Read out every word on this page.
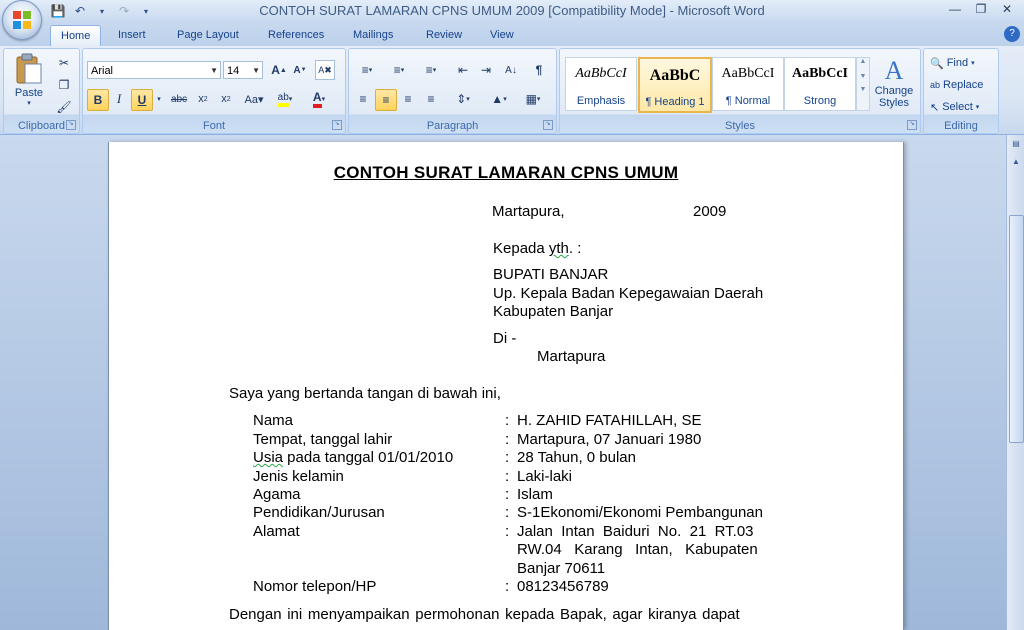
💾 ↶	▾	↷	▾	CONTOH SURAT LAMARAN CPNS UMUM 2009 [Compatibility Mode] - Microsoft Word	—	❐	✕
Home	Insert	Page Layout	References	Mailings	Review	View	?
Paste
▾
✂
❐
🖌
Clipboard ↘
Arial	▼ 14 ▼ A ▲ A ▼	A✖
B	I	U	▾	abc	x 2	x 2	Aa▾	ab ▾ A ▾
Font	↘
≡ ▾	≡ ▾	≡ ▾	⇤	⇥	A↓	¶
≡	≡	≡	≡	⇕ ▾	▲ ▾	▦ ▾
Paragraph	↘
AaBbCcI
Emphasis
AaBbC
¶ Heading 1
AaBbCcI
¶ Normal
AaBbCcI
Strong
▲
▼
▼
A
Change Styles
Styles	↘
🔍 Find ▾
ab Replace
↖ Select ▾
Editing
CONTOH SURAT LAMARAN CPNS UMUM
Martapura,	2009
Kepada yth. :
BUPATI BANJAR
Up. Kepala Badan Kepegawaian Daerah
Kabupaten Banjar
Di -
Martapura
Saya yang bertanda tangan di bawah ini,
Nama	: H. ZAHID FATAHILLAH, SE
Tempat, tanggal lahir	: Martapura, 07 Januari 1980
Usia pada tanggal 01/01/2010	: 28 Tahun, 0 bulan
Jenis kelamin	: Laki-laki
Agama	: Islam
Pendidikan/Jurusan	: S-1Ekonomi/Ekonomi Pembangunan
Alamat	: Jalan  Intan  Baiduri  No.  21  RT.03
RW.04   Karang   Intan,   Kabupaten
Banjar 70611
Nomor telepon/HP	: 08123456789
Dengan ini menyampaikan permohonan kepada Bapak, agar kiranya dapat
▤
▲
